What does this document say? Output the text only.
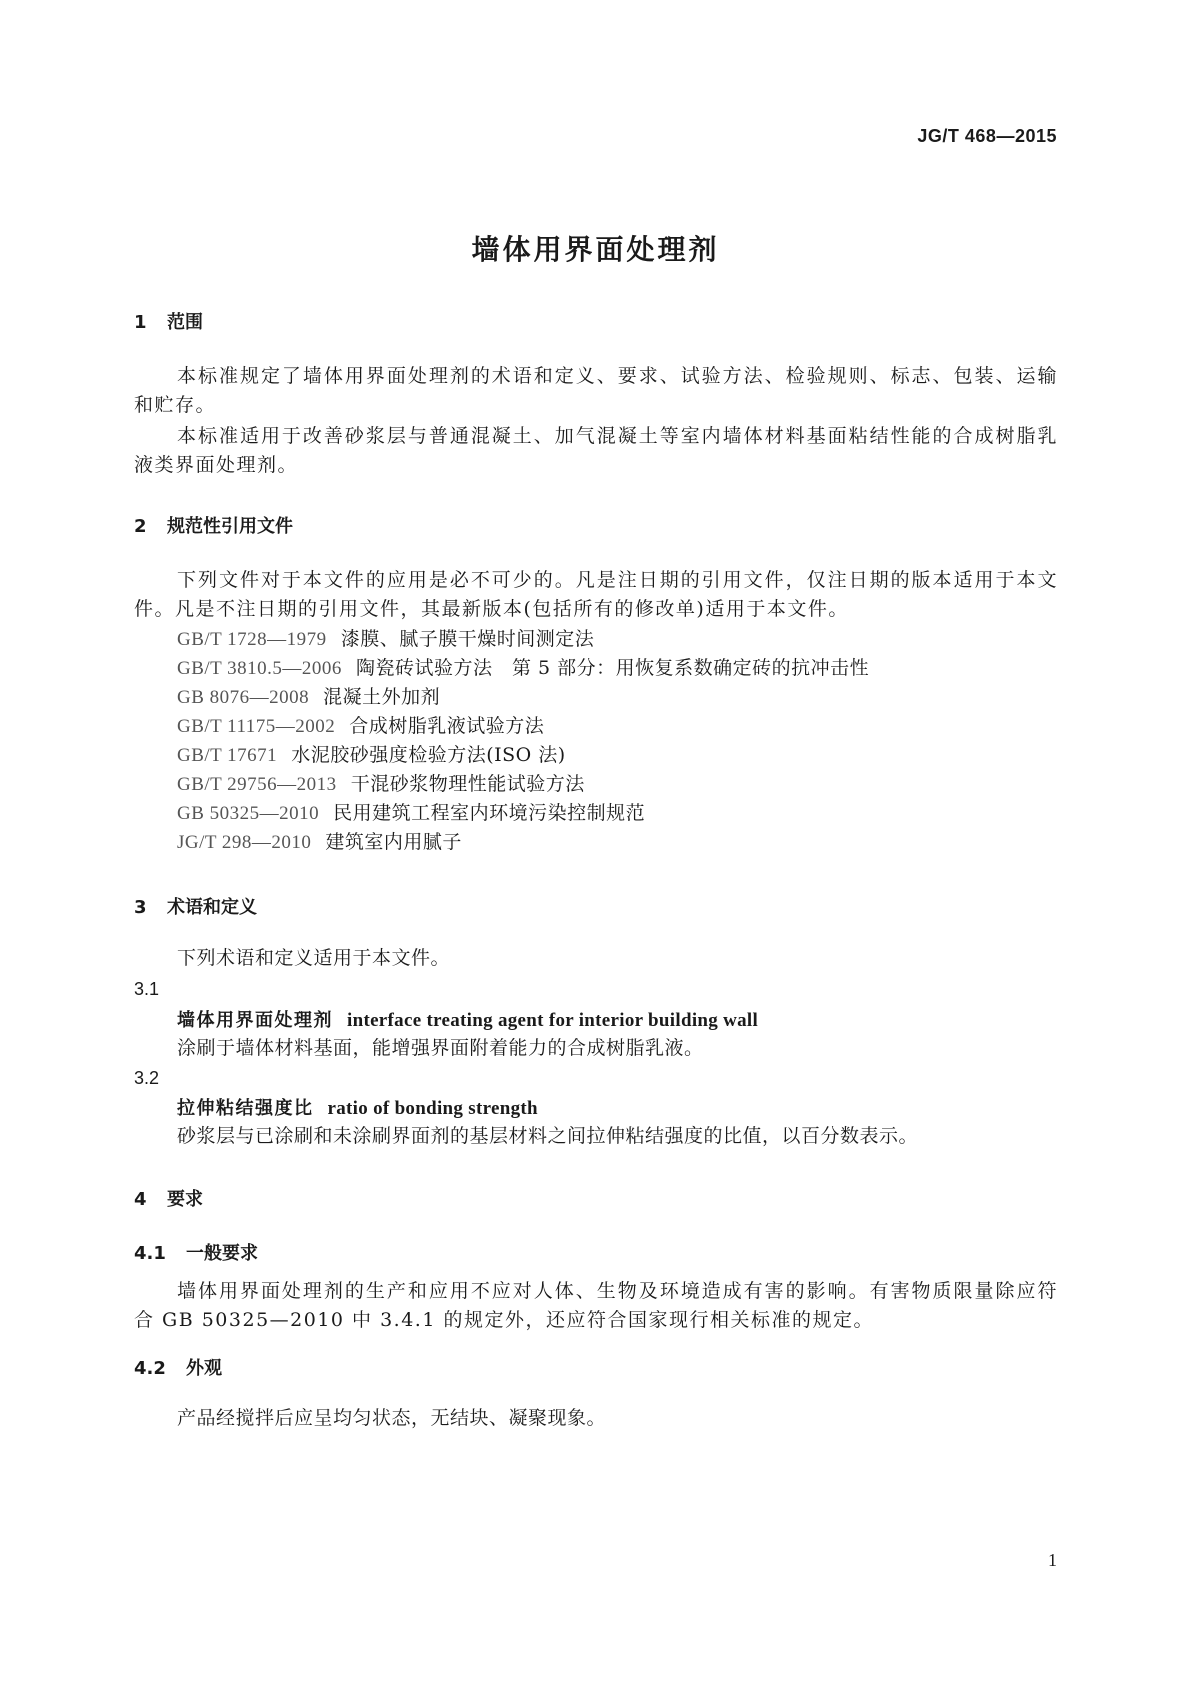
JG/T 468—2015
墙体用界面处理剂
1 范围
本标准规定了墙体用界面处理剂的术语和定义、要求、试验方法、检验规则、标志、包装、运输和贮存。
本标准适用于改善砂浆层与普通混凝土、加气混凝土等室内墙体材料基面粘结性能的合成树脂乳液类界面处理剂。
2 规范性引用文件
下列文件对于本文件的应用是必不可少的。凡是注日期的引用文件，仅注日期的版本适用于本文件。凡是不注日期的引用文件，其最新版本(包括所有的修改单)适用于本文件。
GB/T 1728—1979 漆膜、腻子膜干燥时间测定法
GB/T 3810.5—2006 陶瓷砖试验方法　第 5 部分：用恢复系数确定砖的抗冲击性
GB 8076—2008 混凝土外加剂
GB/T 11175—2002 合成树脂乳液试验方法
GB/T 17671 水泥胶砂强度检验方法(ISO 法)
GB/T 29756—2013 干混砂浆物理性能试验方法
GB 50325—2010 民用建筑工程室内环境污染控制规范
JG/T 298—2010 建筑室内用腻子
3 术语和定义
下列术语和定义适用于本文件。
3.1
墙体用界面处理剂 interface treating agent for interior building wall
涂刷于墙体材料基面，能增强界面附着能力的合成树脂乳液。
3.2
拉伸粘结强度比 ratio of bonding strength
砂浆层与已涂刷和未涂刷界面剂的基层材料之间拉伸粘结强度的比值，以百分数表示。
4 要求
4.1 一般要求
墙体用界面处理剂的生产和应用不应对人体、生物及环境造成有害的影响。有害物质限量除应符合 GB 50325—2010 中 3.4.1 的规定外，还应符合国家现行相关标准的规定。
4.2 外观
产品经搅拌后应呈均匀状态，无结块、凝聚现象。
1
